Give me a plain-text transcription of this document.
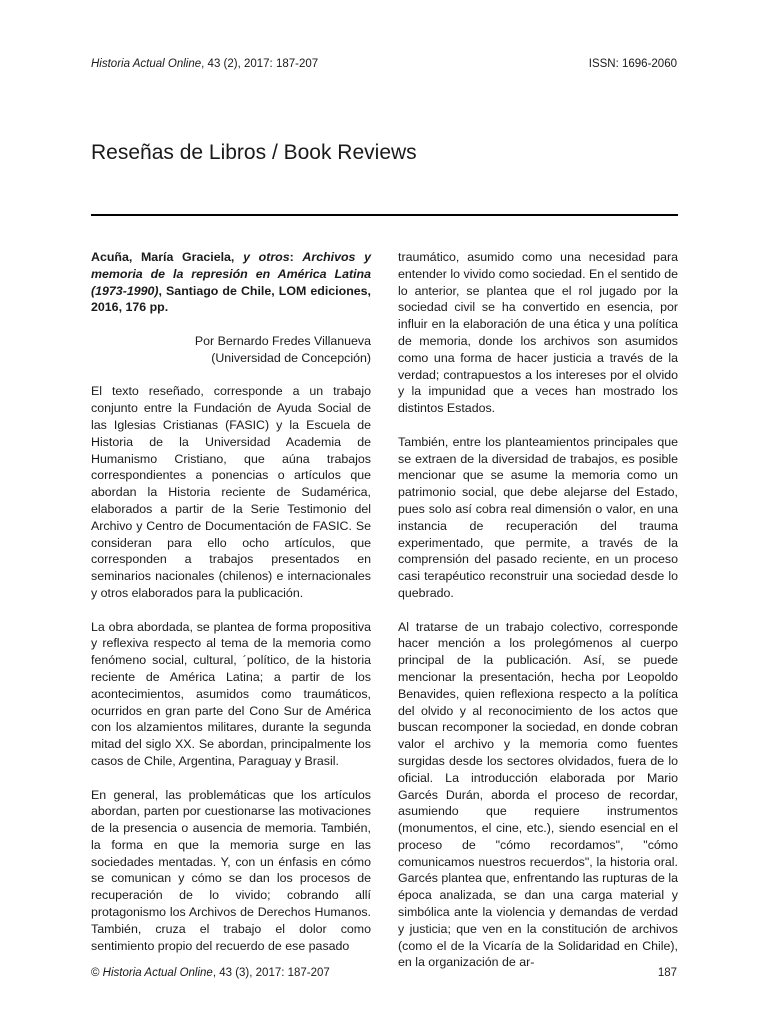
Historia Actual Online, 43 (2), 2017: 187-207	ISSN: 1696-2060
Reseñas de Libros / Book Reviews

Acuña, María Graciela, y otros: Archivos y memoria de la represión en América Latina (1973-1990), Santiago de Chile, LOM ediciones, 2016, 176 pp.

Por Bernardo Fredes Villanueva
(Universidad de Concepción)

El texto reseñado, corresponde a un trabajo conjunto entre la Fundación de Ayuda Social de las Iglesias Cristianas (FASIC) y la Escuela de Historia de la Universidad Academia de Humanismo Cristiano, que aúna trabajos correspondientes a ponencias o artículos que abordan la Historia reciente de Sudamérica, elaborados a partir de la Serie Testimonio del Archivo y Centro de Documentación de FASIC. Se consideran para ello ocho artículos, que corresponden a trabajos presentados en seminarios nacionales (chilenos) e internacionales y otros elaborados para la publicación.

La obra abordada, se plantea de forma propositiva y reflexiva respecto al tema de la memoria como fenómeno social, cultural, ´político, de la historia reciente de América Latina; a partir de los acontecimientos, asumidos como traumáticos, ocurridos en gran parte del Cono Sur de América con los alzamientos militares, durante la segunda mitad del siglo XX. Se abordan, principalmente los casos de Chile, Argentina, Paraguay y Brasil.

En general, las problemáticas que los artículos abordan, parten por cuestionarse las motivaciones de la presencia o ausencia de memoria. También, la forma en que la memoria surge en las sociedades mentadas. Y, con un énfasis en cómo se comunican y cómo se dan los procesos de recuperación de lo vivido; cobrando allí protagonismo los Archivos de Derechos Humanos. También, cruza el trabajo el dolor como sentimiento propio del recuerdo de ese pasado

traumático, asumido como una necesidad para entender lo vivido como sociedad. En el sentido de lo anterior, se plantea que el rol jugado por la sociedad civil se ha convertido en esencia, por influir en la elaboración de una ética y una política de memoria, donde los archivos son asumidos como una forma de hacer justicia a través de la verdad; contrapuestos a los intereses por el olvido y la impunidad que a veces han mostrado los distintos Estados.

También, entre los planteamientos principales que se extraen de la diversidad de trabajos, es posible mencionar que se asume la memoria como un patrimonio social, que debe alejarse del Estado, pues solo así cobra real dimensión o valor, en una instancia de recuperación del trauma experimentado, que permite, a través de la comprensión del pasado reciente, en un proceso casi terapéutico reconstruir una sociedad desde lo quebrado.

Al tratarse de un trabajo colectivo, corresponde hacer mención a los prolegómenos al cuerpo principal de la publicación. Así, se puede mencionar la presentación, hecha por Leopoldo Benavides, quien reflexiona respecto a la política del olvido y al reconocimiento de los actos que buscan recomponer la sociedad, en donde cobran valor el archivo y la memoria como fuentes surgidas desde los sectores olvidados, fuera de lo oficial. La introducción elaborada por Mario Garcés Durán, aborda el proceso de recordar, asumiendo que requiere instrumentos (monumentos, el cine, etc.), siendo esencial en el proceso de "cómo recordamos", "cómo comunicamos nuestros recuerdos", la historia oral. Garcés plantea que, enfrentando las rupturas de la época analizada, se dan una carga material y simbólica ante la violencia y demandas de verdad y justicia; que ven en la constitución de archivos (como el de la Vicaría de la Solidaridad en Chile), en la organización de ar-

© Historia Actual Online, 43 (3), 2017: 187-207	187
